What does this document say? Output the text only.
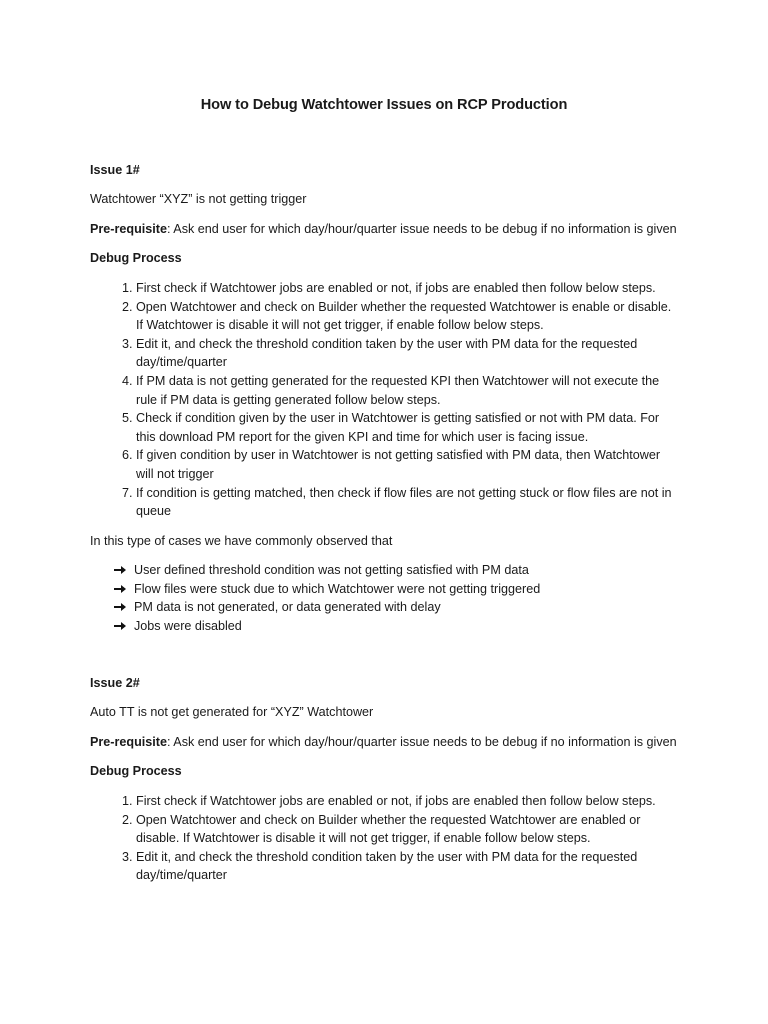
How to Debug Watchtower Issues on RCP Production
Issue 1#
Watchtower “XYZ” is not getting trigger
Pre-requisite: Ask end user for which day/hour/quarter issue needs to be debug if no information is given
Debug Process
1. First check if Watchtower jobs are enabled or not, if jobs are enabled then follow below steps.
2. Open Watchtower and check on Builder whether the requested Watchtower is enable or disable. If Watchtower is disable it will not get trigger, if enable follow below steps.
3. Edit it, and check the threshold condition taken by the user with PM data for the requested day/time/quarter
4. If PM data is not getting generated for the requested KPI then Watchtower will not execute the rule if PM data is getting generated follow below steps.
5. Check if condition given by the user in Watchtower is getting satisfied or not with PM data. For this download PM report for the given KPI and time for which user is facing issue.
6. If given condition by user in Watchtower is not getting satisfied with PM data, then Watchtower will not trigger
7. If condition is getting matched, then check if flow files are not getting stuck or flow files are not in queue
In this type of cases we have commonly observed that
User defined threshold condition was not getting satisfied with PM data
Flow files were stuck due to which Watchtower were not getting triggered
PM data is not generated, or data generated with delay
Jobs were disabled
Issue 2#
Auto TT is not get generated for “XYZ” Watchtower
Pre-requisite: Ask end user for which day/hour/quarter issue needs to be debug if no information is given
Debug Process
1. First check if Watchtower jobs are enabled or not, if jobs are enabled then follow below steps.
2. Open Watchtower and check on Builder whether the requested Watchtower are enabled or disable. If Watchtower is disable it will not get trigger, if enable follow below steps.
3. Edit it, and check the threshold condition taken by the user with PM data for the requested day/time/quarter
